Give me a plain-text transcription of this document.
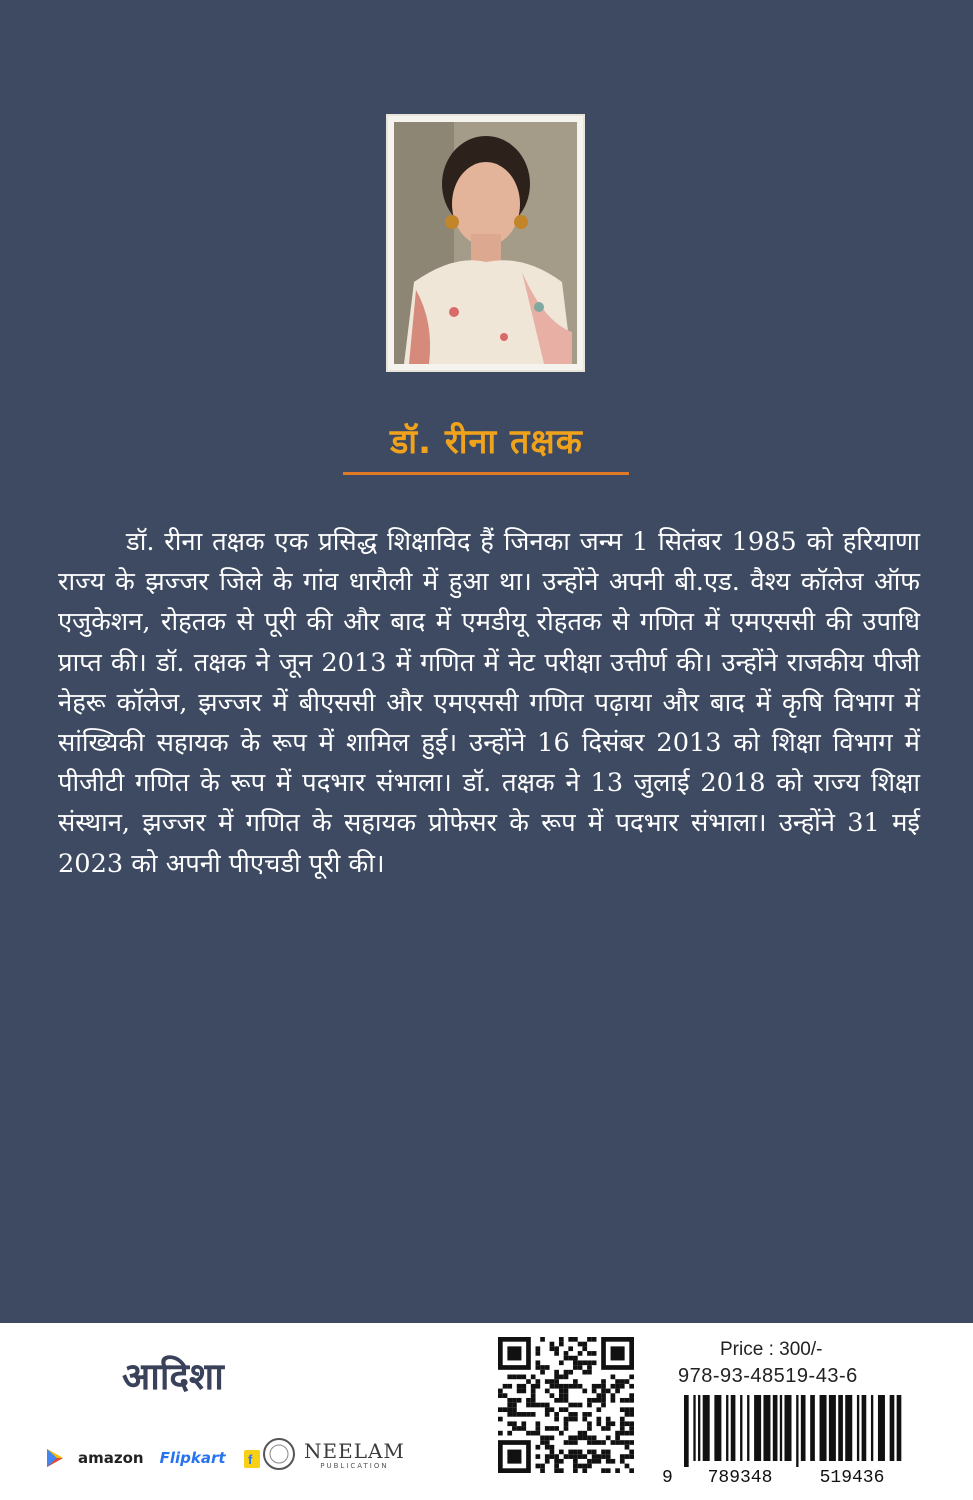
डॉ. रीना तक्षक

डॉ. रीना तक्षक एक प्रसिद्ध शिक्षाविद हैं जिनका जन्म 1 सितंबर 1985 को हरियाणा राज्य के झज्जर जिले के गांव धारौली में हुआ था। उन्होंने अपनी बी.एड. वैश्य कॉलेज ऑफ एजुकेशन, रोहतक से पूरी की और बाद में एमडीयू रोहतक से गणित में एमएससी की उपाधि प्राप्त की। डॉ. तक्षक ने जून 2013 में गणित में नेट परीक्षा उत्तीर्ण की। उन्होंने राजकीय पीजी नेहरू कॉलेज, झज्जर में बीएससी और एमएससी गणित पढ़ाया और बाद में कृषि विभाग में सांख्यिकी सहायक के रूप में शामिल हुई। उन्होंने 16 दिसंबर 2013 को शिक्षा विभाग में पीजीटी गणित के रूप में पदभार संभाला। डॉ. तक्षक ने 13 जुलाई 2018 को राज्य शिक्षा संस्थान, झज्जर में गणित के सहायक प्रोफेसर के रूप में पदभार संभाला। उन्होंने 31 मई 2023 को अपनी पीएचडी पूरी की।

आदिशा
amazon Flipkart f	NEELAM
PUBLICATION
Price : 300/-
978-93-48519-43-6
9	789348	519436
